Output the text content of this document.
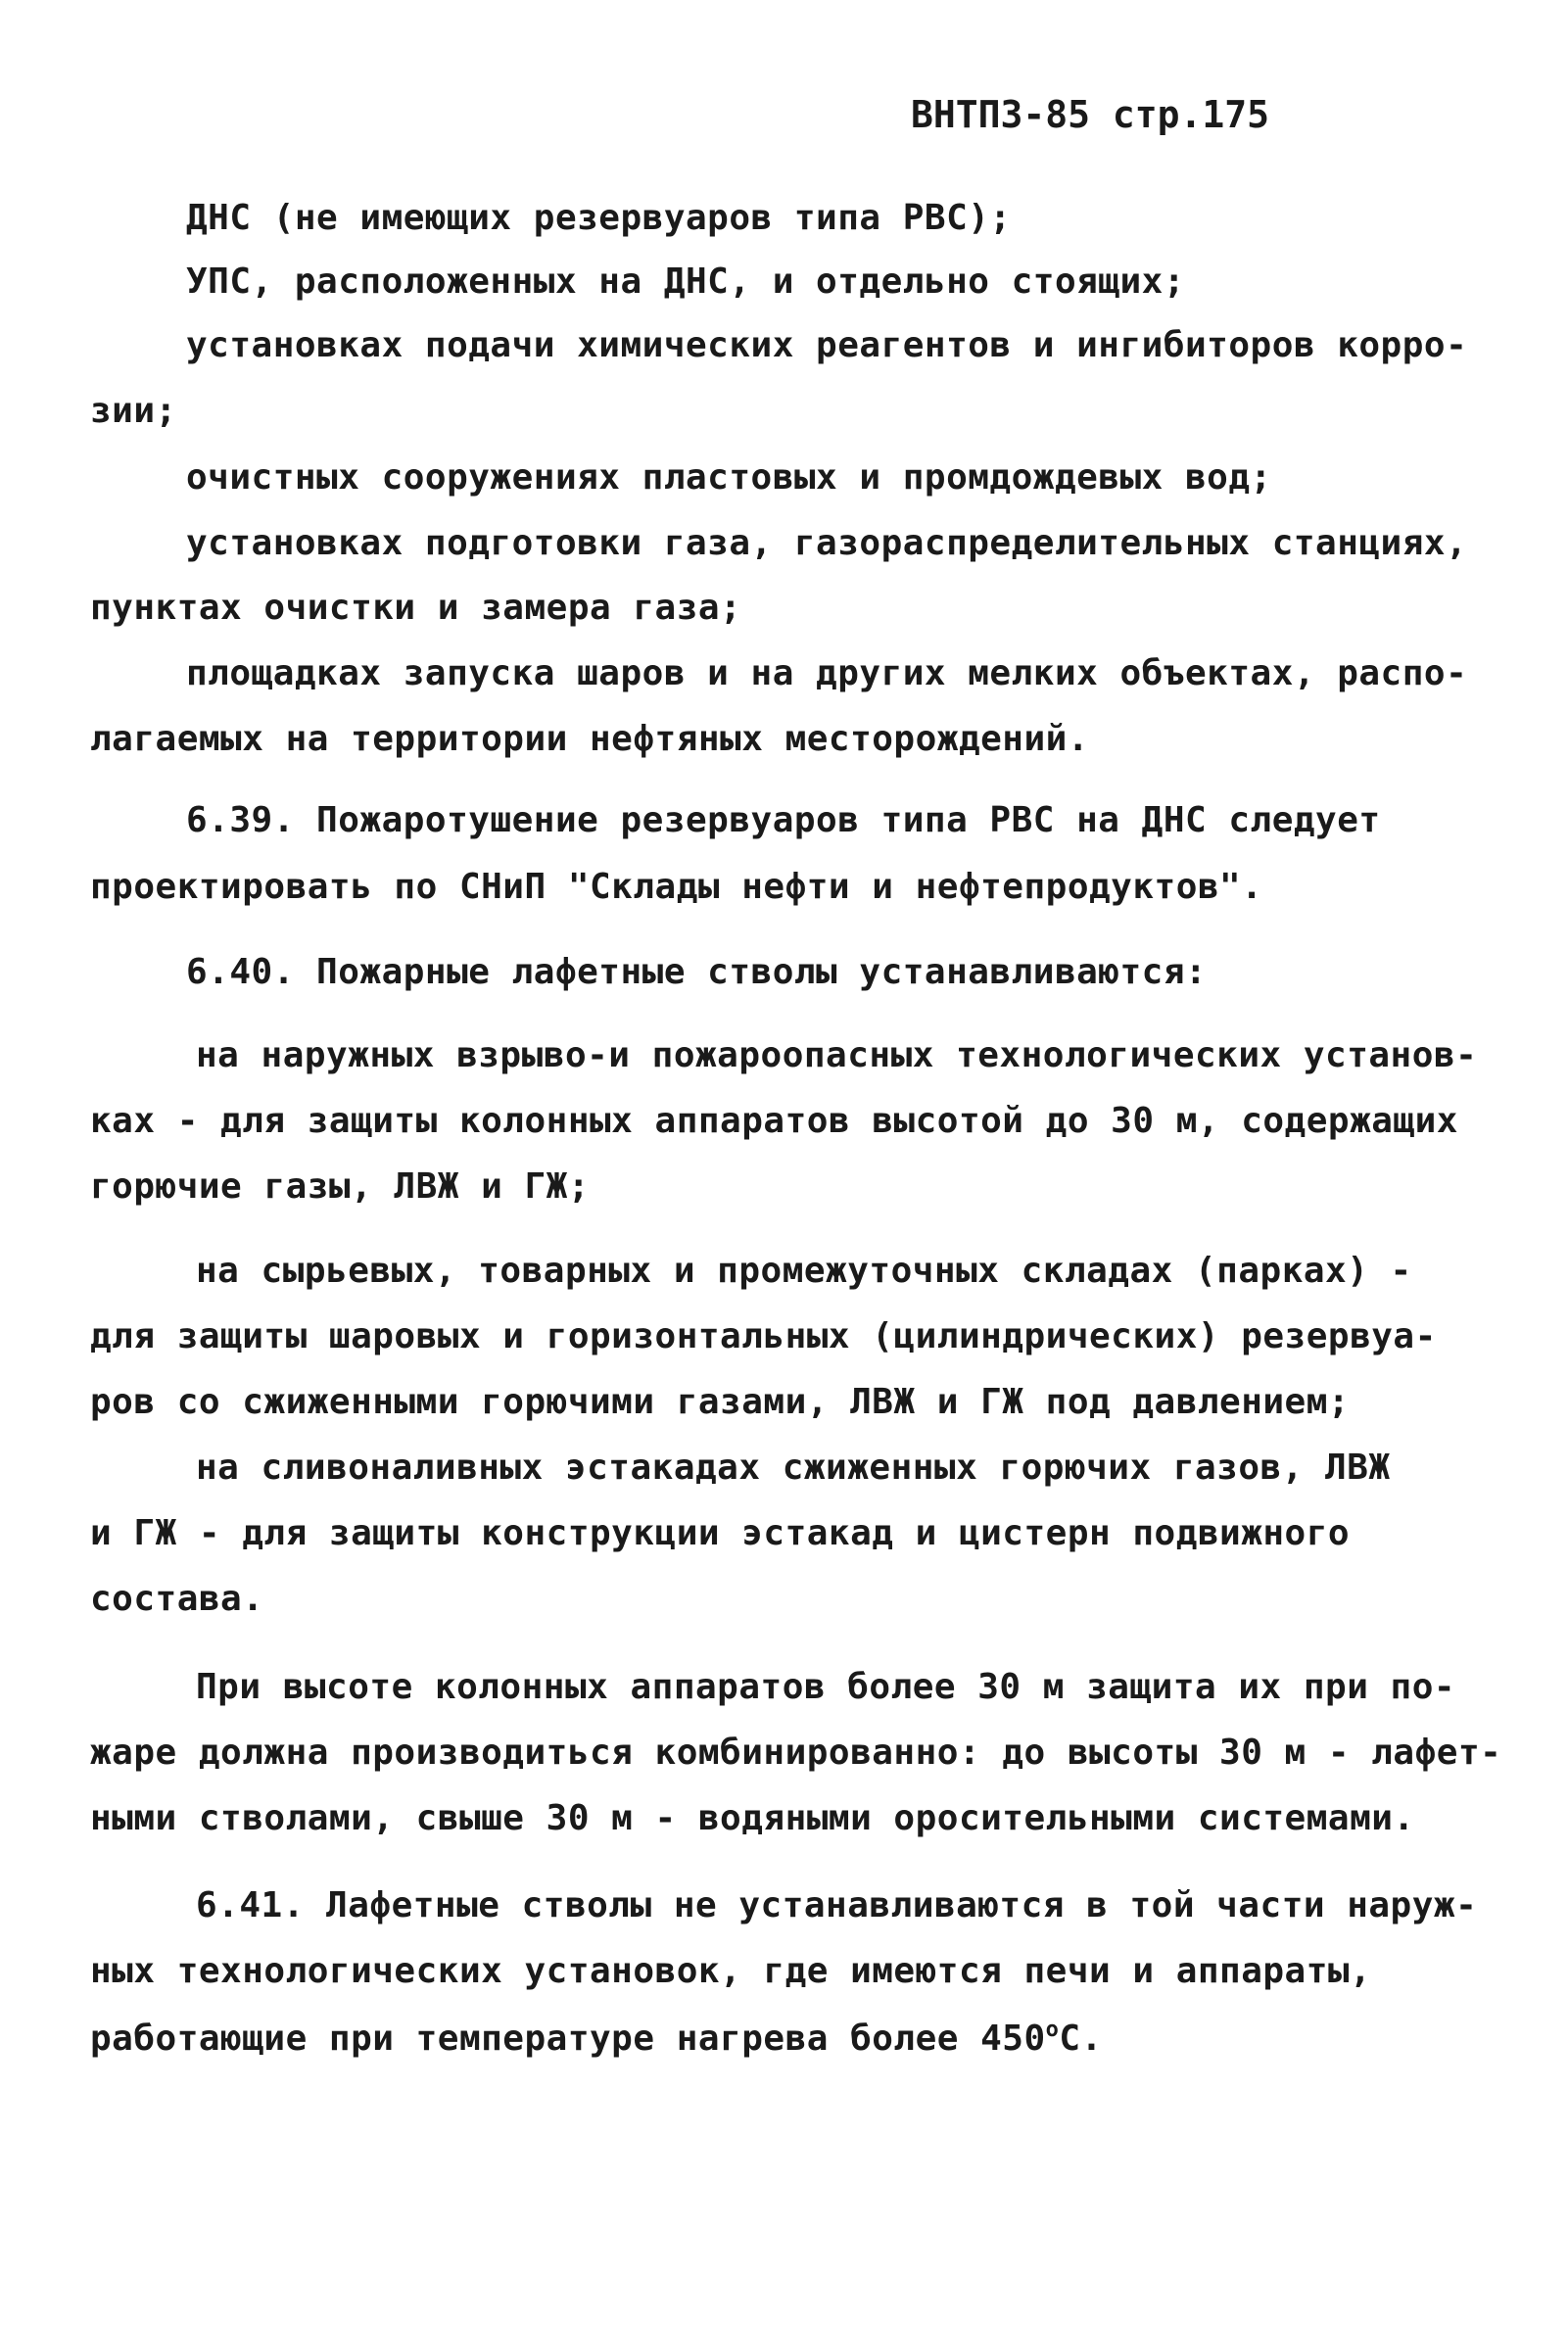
ВНТП3-85 стр.175
ДНС (не имеющих резервуаров типа РВС);
УПС, расположенных на ДНС, и отдельно стоящих;
установках подачи химических реагентов и ингибиторов корро-
зии;
очистных сооружениях пластовых и промдождевых вод;
установках подготовки газа, газораспределительных станциях,
пунктах очистки и замера газа;
площадках запуска шаров и на других мелких объектах, распо-
лагаемых на территории нефтяных месторождений.
6.39. Пожаротушение резервуаров типа РВС на ДНС следует
проектировать по СНиП "Склады нефти и нефтепродуктов".
6.40. Пожарные лафетные стволы устанавливаются:
на наружных взрыво-и пожароопасных технологических установ-
ках - для защиты колонных аппаратов высотой до 30 м, содержащих
горючие газы, ЛВЖ и ГЖ;
на сырьевых, товарных и промежуточных складах (парках) -
для защиты шаровых и горизонтальных (цилиндрических) резервуа-
ров со сжиженными горючими газами, ЛВЖ и ГЖ под давлением;
на сливоналивных эстакадах сжиженных горючих газов, ЛВЖ
и ГЖ - для защиты конструкции эстакад и цистерн подвижного
состава.
При высоте колонных аппаратов более 30 м защита их при по-
жаре должна производиться комбинированно: до высоты 30 м - лафет-
ными стволами, свыше 30 м - водяными оросительными системами.
6.41. Лафетные стволы не устанавливаются в той части наруж-
ных технологических установок, где имеются печи и аппараты,
работающие при температуре нагрева более $450^оС$.
